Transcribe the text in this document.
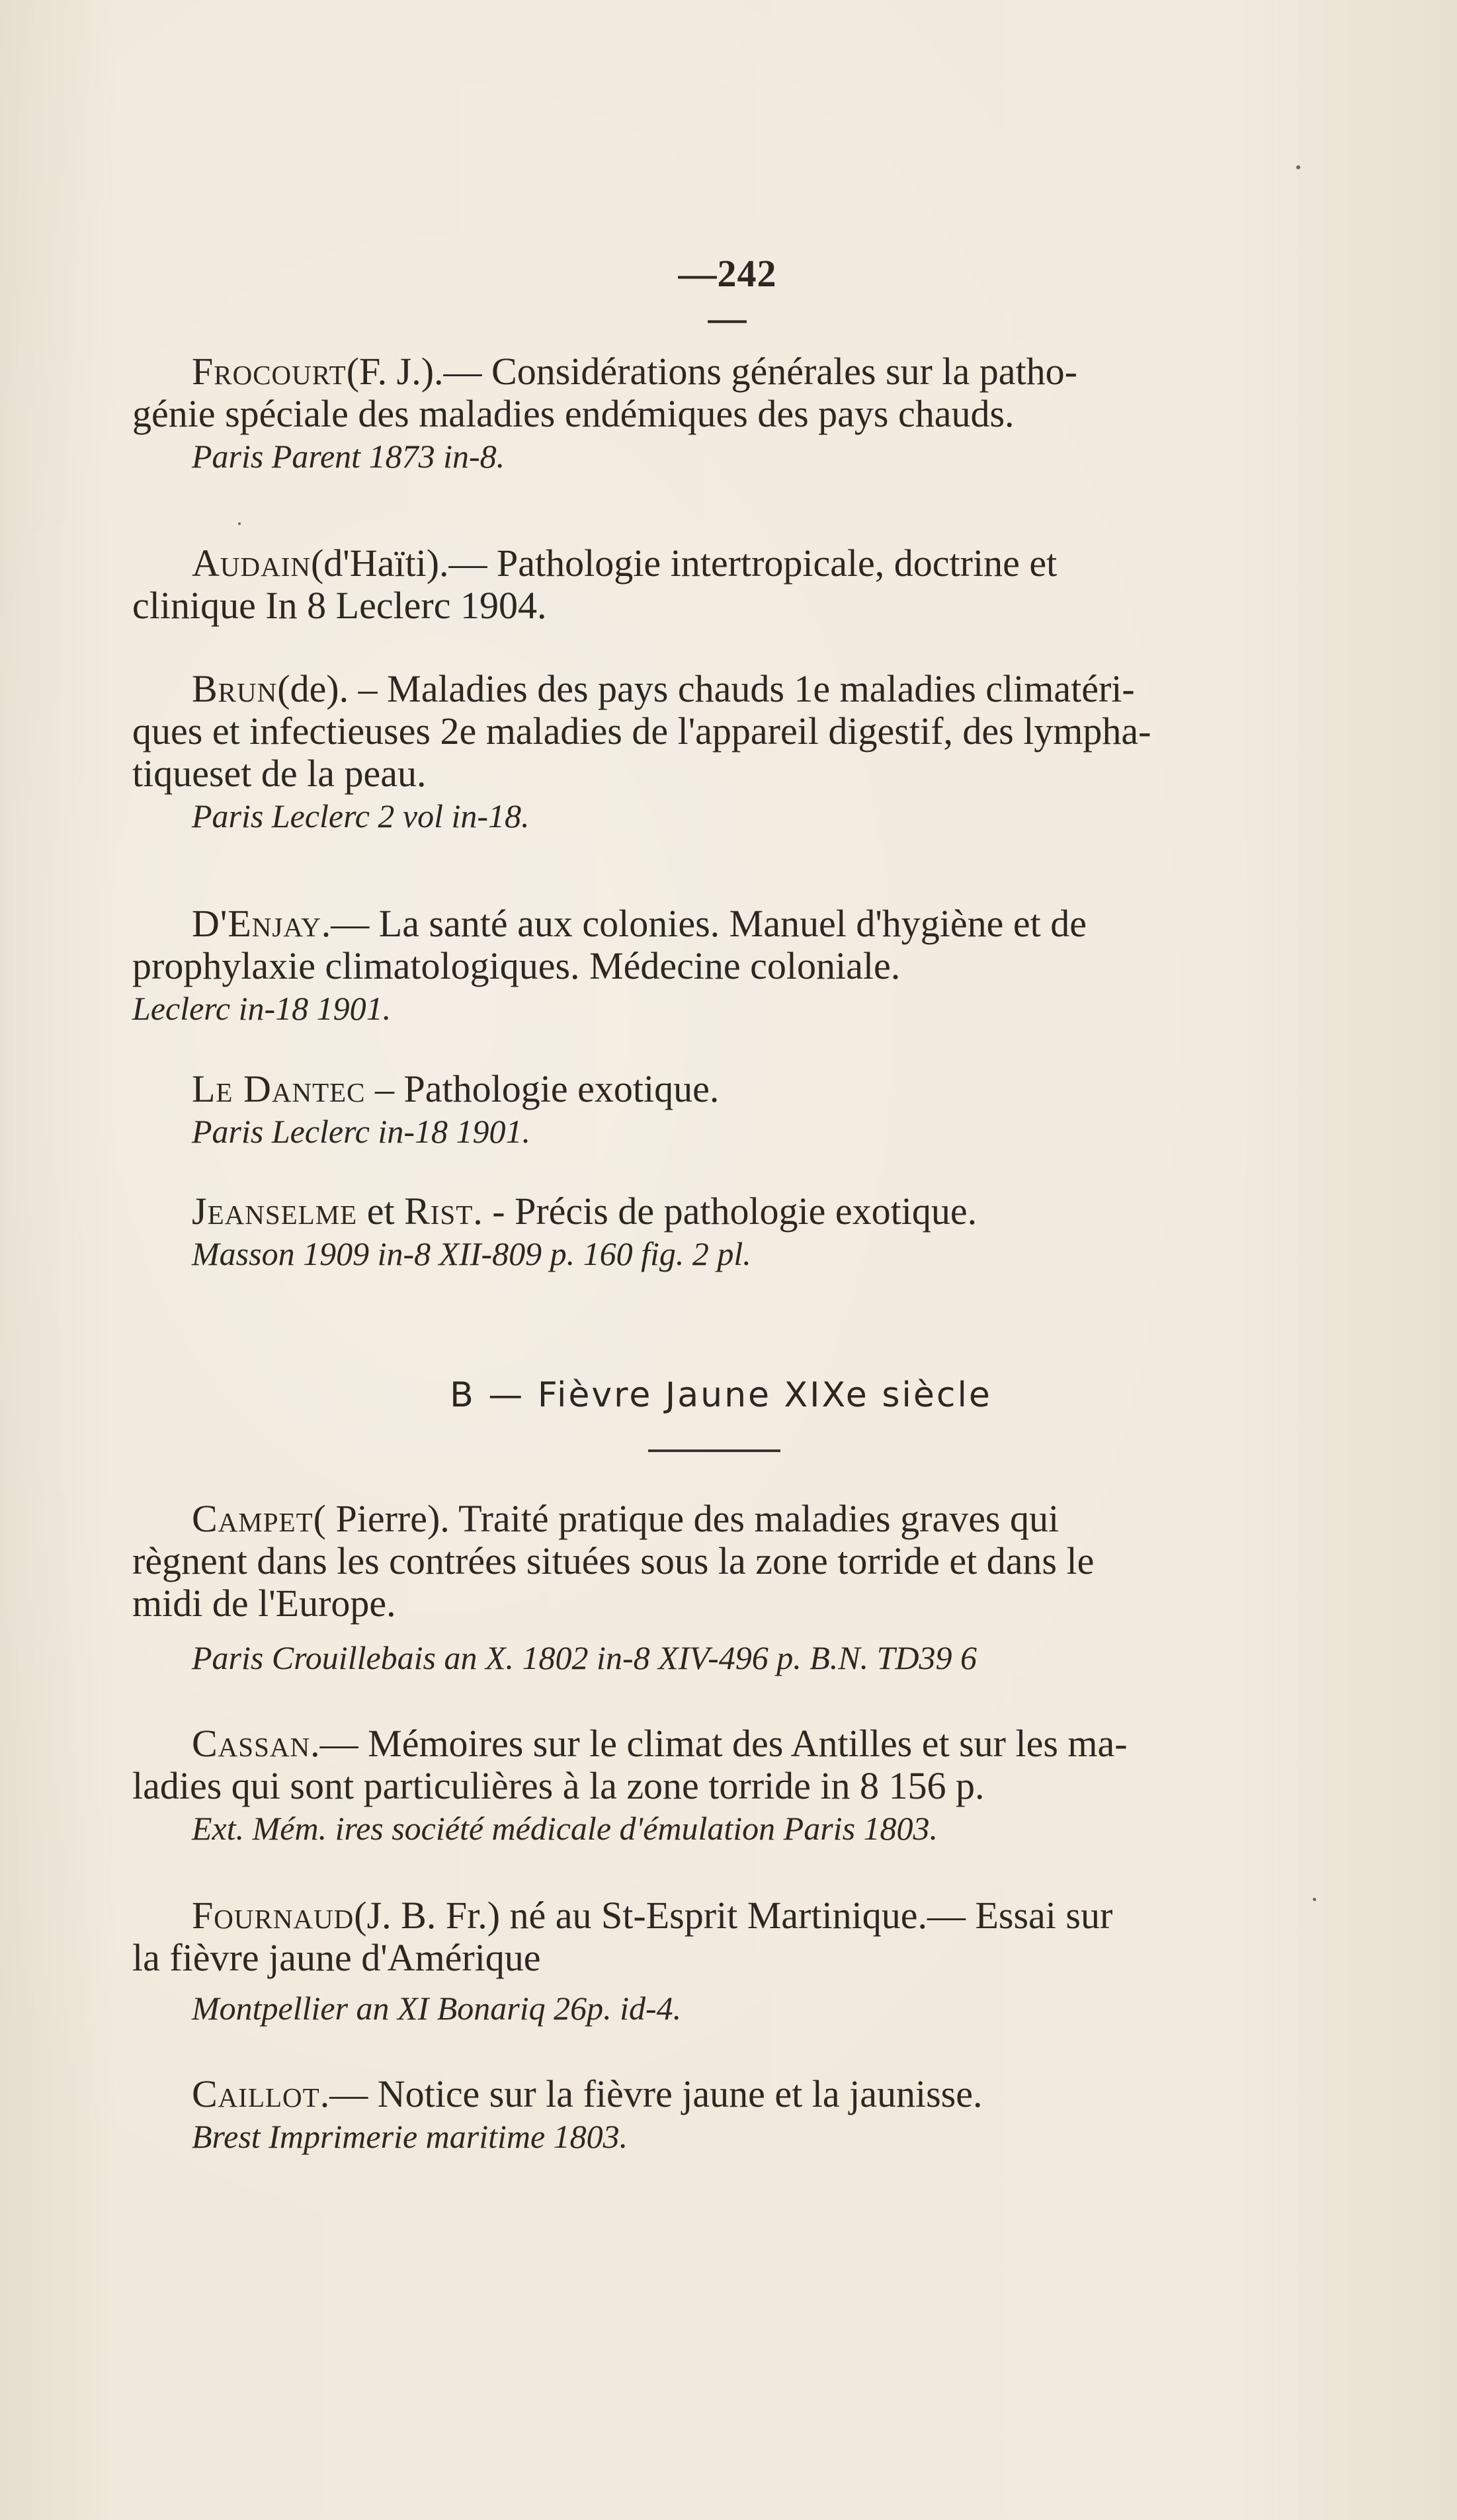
—242—
Frocourt(F. J.).— Considérations générales sur la patho-
génie spéciale des maladies endémiques des pays chauds.
Paris Parent 1873 in-8.
Audain(d'Haïti).— Pathologie intertropicale, doctrine et
clinique In 8 Leclerc 1904.
Brun(de). – Maladies des pays chauds 1e maladies climatéri-
ques et infectieuses 2e maladies de l'appareil digestif, des lympha-
tiqueset de la peau.
Paris Leclerc 2 vol in-18.
D'Enjay.— La santé aux colonies. Manuel d'hygiène et de
prophylaxie climatologiques. Médecine coloniale.
Leclerc in-18 1901.
Le Dantec – Pathologie exotique.
Paris Leclerc in-18 1901.
Jeanselme et Rist. - Précis de pathologie exotique.
Masson 1909 in-8 XII-809 p. 160 fig. 2 pl.
B — Fièvre Jaune XIXe siècle
Campet( Pierre). Traité pratique des maladies graves qui
règnent dans les contrées situées sous la zone torride et dans le
midi de l'Europe.
Paris Crouillebais an X. 1802 in-8 XIV-496 p. B.N. TD39 6
Cassan.— Mémoires sur le climat des Antilles et sur les ma-
ladies qui sont particulières à la zone torride in 8 156 p.
Ext. Mém. ires société médicale d'émulation Paris 1803.
Fournaud(J. B. Fr.) né au St-Esprit Martinique.— Essai sur
la fièvre jaune d'Amérique
Montpellier an XI Bonariq 26p. id-4.
Caillot.— Notice sur la fièvre jaune et la jaunisse.
Brest Imprimerie maritime 1803.
